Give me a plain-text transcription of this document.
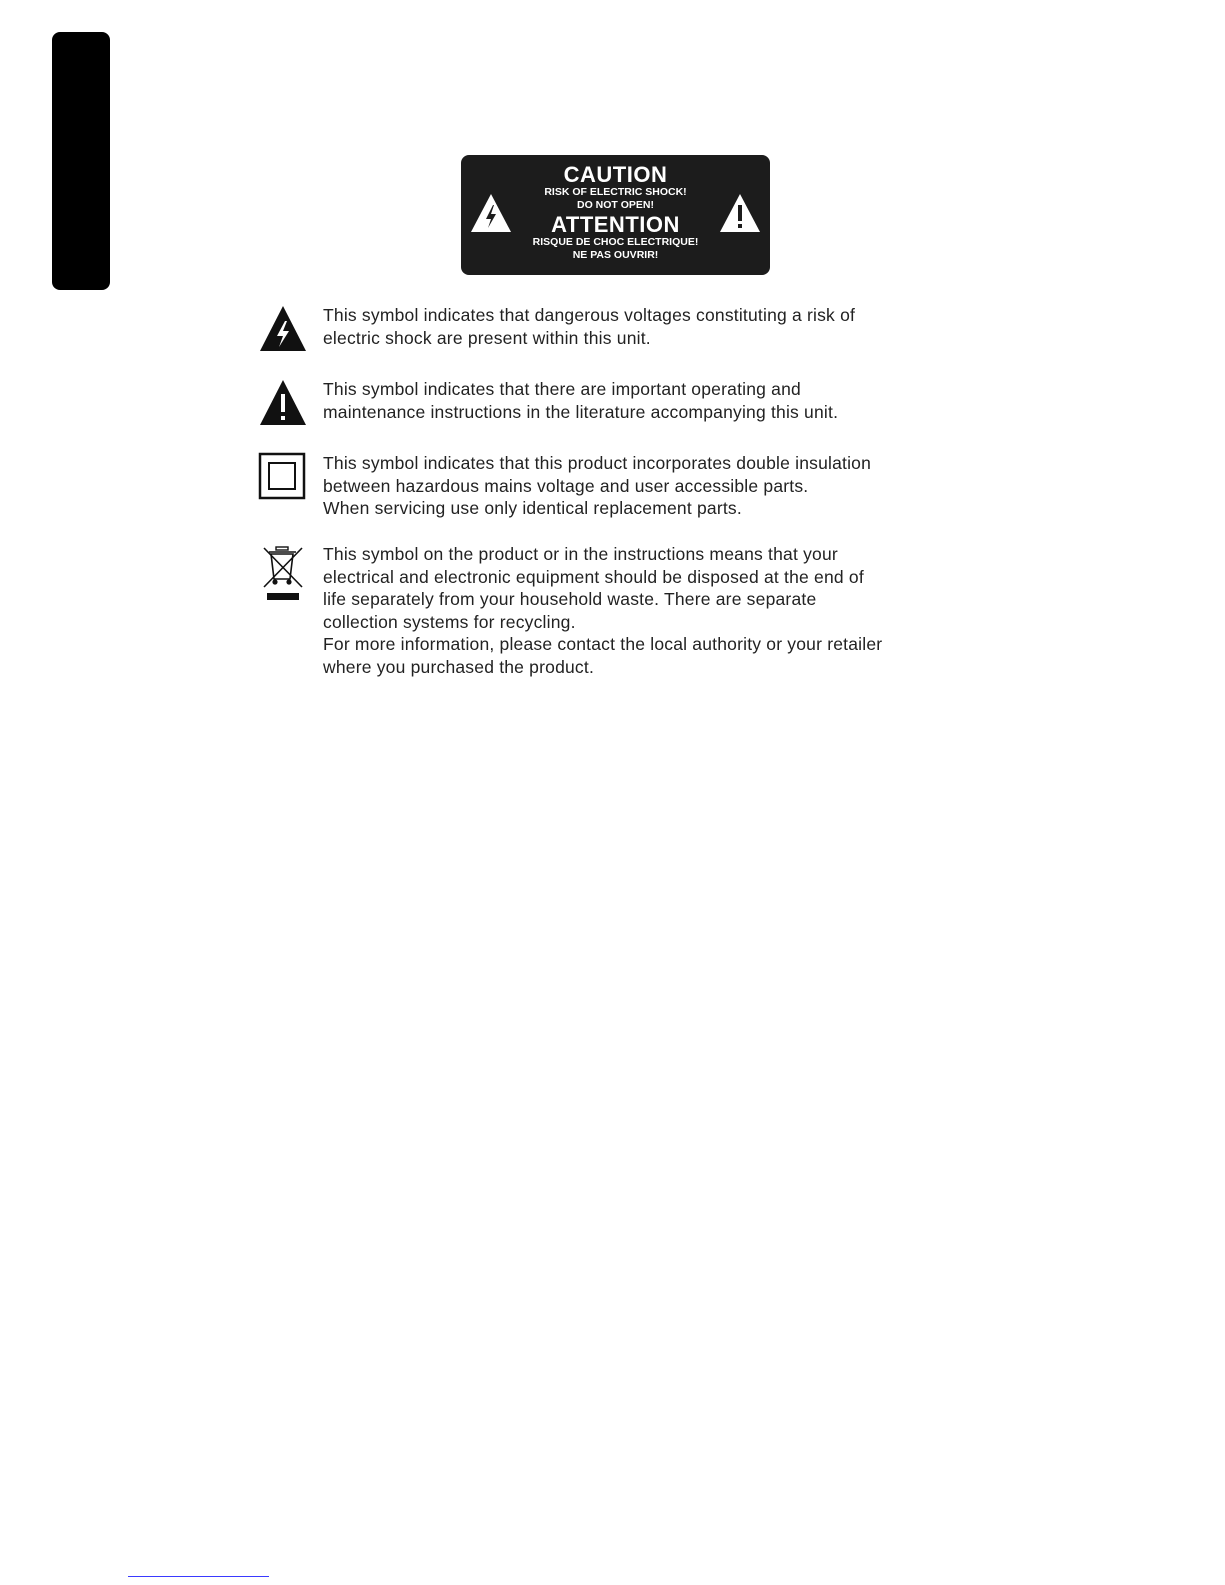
CAUTION
RISK OF ELECTRIC SHOCK!
DO NOT OPEN!
ATTENTION
RISQUE DE CHOC ELECTRIQUE!
NE PAS OUVRIR!
This symbol indicates that dangerous voltages constituting a risk of
electric shock are present within this unit.
This symbol indicates that there are important operating and
maintenance instructions in the literature accompanying this unit.
This symbol indicates that this product incorporates double insulation
between hazardous mains voltage and user accessible parts.
When servicing use only identical replacement parts.
This symbol on the product or in the instructions means that your
electrical and electronic equipment should be disposed at the end of
life separately from your household waste. There are separate
collection systems for recycling.
For more information, please contact the local authority or your retailer
where you purchased the product.
